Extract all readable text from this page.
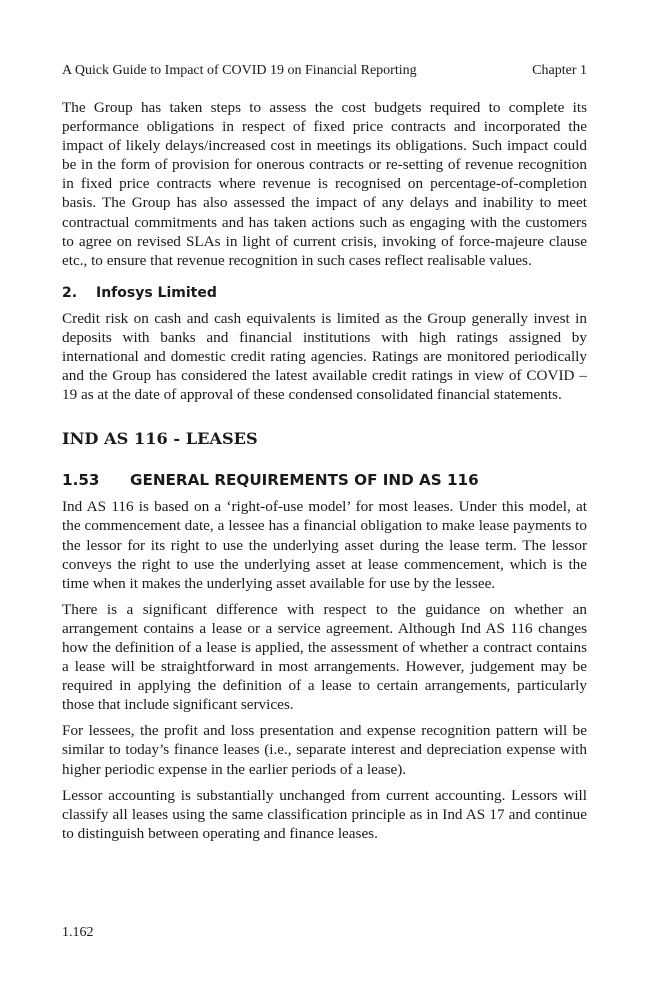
A Quick Guide to Impact of COVID 19 on Financial Reporting	Chapter 1

The Group has taken steps to assess the cost budgets required to complete its performance obligations in respect of fixed price contracts and incorporated the impact of likely delays/increased cost in meetings its obligations. Such impact could be in the form of provision for onerous contracts or re-setting of revenue recognition in fixed price contracts where revenue is recognised on percentage-of-completion basis. The Group has also assessed the impact of any delays and inability to meet contractual commitments and has taken actions such as engaging with the customers to agree on revised SLAs in light of current crisis, invoking of force-majeure clause etc., to ensure that revenue recognition in such cases reflect realisable values.

2.	Infosys Limited

Credit risk on cash and cash equivalents is limited as the Group generally invest in deposits with banks and financial institutions with high ratings assigned by international and domestic credit rating agencies. Ratings are monitored periodically and the Group has considered the latest available credit ratings in view of COVID – 19 as at the date of approval of these condensed consolidated financial statements.

IND AS 116 - LEASES
1.53	GENERAL REQUIREMENTS OF IND AS 116

Ind AS 116 is based on a ‘right-of-use model’ for most leases. Under this model, at the commencement date, a lessee has a financial obligation to make lease payments to the lessor for its right to use the underlying asset during the lease term. The lessor conveys the right to use the underlying asset at lease commencement, which is the time when it makes the underlying asset available for use by the lessee.

There is a significant difference with respect to the guidance on whether an arrangement contains a lease or a service agreement. Although Ind AS 116 changes how the definition of a lease is applied, the assessment of whether a contract contains a lease will be straightforward in most arrangements. However, judgement may be required in applying the definition of a lease to certain arrangements, particularly those that include significant services.

For lessees, the profit and loss presentation and expense recognition pattern will be similar to today’s finance leases (i.e., separate interest and depreciation expense with higher periodic expense in the earlier periods of a lease).

Lessor accounting is substantially unchanged from current accounting. Lessors will classify all leases using the same classification principle as in Ind AS 17 and continue to distinguish between operating and finance leases.

1.162
